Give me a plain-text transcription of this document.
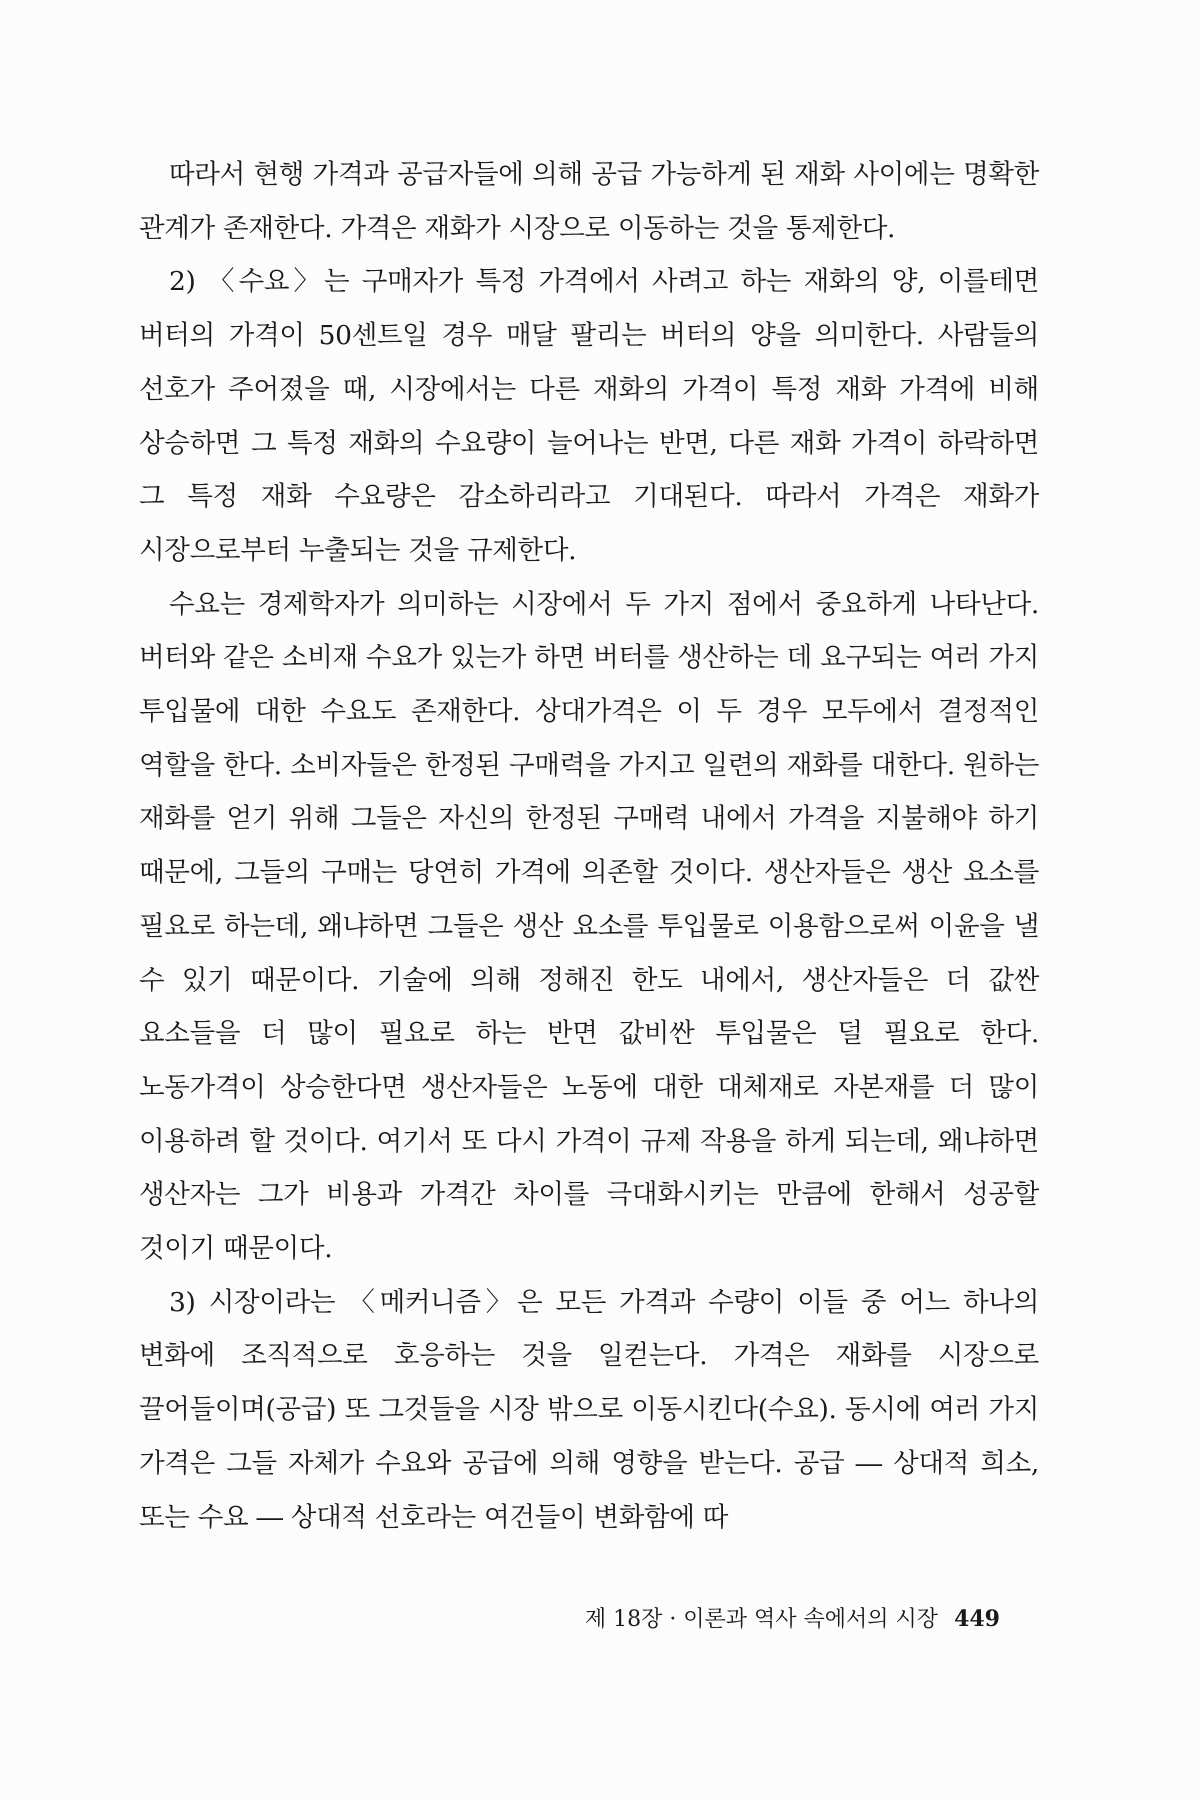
따라서 현행 가격과 공급자들에 의해 공급 가능하게 된 재화 사이에는 명확한 관계가 존재한다. 가격은 재화가 시장으로 이동하는 것을 통제한다.

2) 〈수요〉는 구매자가 특정 가격에서 사려고 하는 재화의 양, 이를테면 버터의 가격이 50센트일 경우 매달 팔리는 버터의 양을 의미한다. 사람들의 선호가 주어졌을 때, 시장에서는 다른 재화의 가격이 특정 재화 가격에 비해 상승하면 그 특정 재화의 수요량이 늘어나는 반면, 다른 재화 가격이 하락하면 그 특정 재화 수요량은 감소하리라고 기대된다. 따라서 가격은 재화가 시장으로부터 누출되는 것을 규제한다.

수요는 경제학자가 의미하는 시장에서 두 가지 점에서 중요하게 나타난다. 버터와 같은 소비재 수요가 있는가 하면 버터를 생산하는 데 요구되는 여러 가지 투입물에 대한 수요도 존재한다. 상대가격은 이 두 경우 모두에서 결정적인 역할을 한다. 소비자들은 한정된 구매력을 가지고 일련의 재화를 대한다. 원하는 재화를 얻기 위해 그들은 자신의 한정된 구매력 내에서 가격을 지불해야 하기 때문에, 그들의 구매는 당연히 가격에 의존할 것이다. 생산자들은 생산 요소를 필요로 하는데, 왜냐하면 그들은 생산 요소를 투입물로 이용함으로써 이윤을 낼 수 있기 때문이다. 기술에 의해 정해진 한도 내에서, 생산자들은 더 값싼 요소들을 더 많이 필요로 하는 반면 값비싼 투입물은 덜 필요로 한다. 노동가격이 상승한다면 생산자들은 노동에 대한 대체재로 자본재를 더 많이 이용하려 할 것이다. 여기서 또 다시 가격이 규제 작용을 하게 되는데, 왜냐하면 생산자는 그가 비용과 가격간 차이를 극대화시키는 만큼에 한해서 성공할 것이기 때문이다.

3) 시장이라는 〈메커니즘〉은 모든 가격과 수량이 이들 중 어느 하나의 변화에 조직적으로 호응하는 것을 일컫는다. 가격은 재화를 시장으로 끌어들이며(공급) 또 그것들을 시장 밖으로 이동시킨다(수요). 동시에 여러 가지 가격은 그들 자체가 수요와 공급에 의해 영향을 받는다. 공급 ― 상대적 희소, 또는 수요 ― 상대적 선호라는 여건들이 변화함에 따

제 18장 · 이론과 역사 속에서의 시장 449
